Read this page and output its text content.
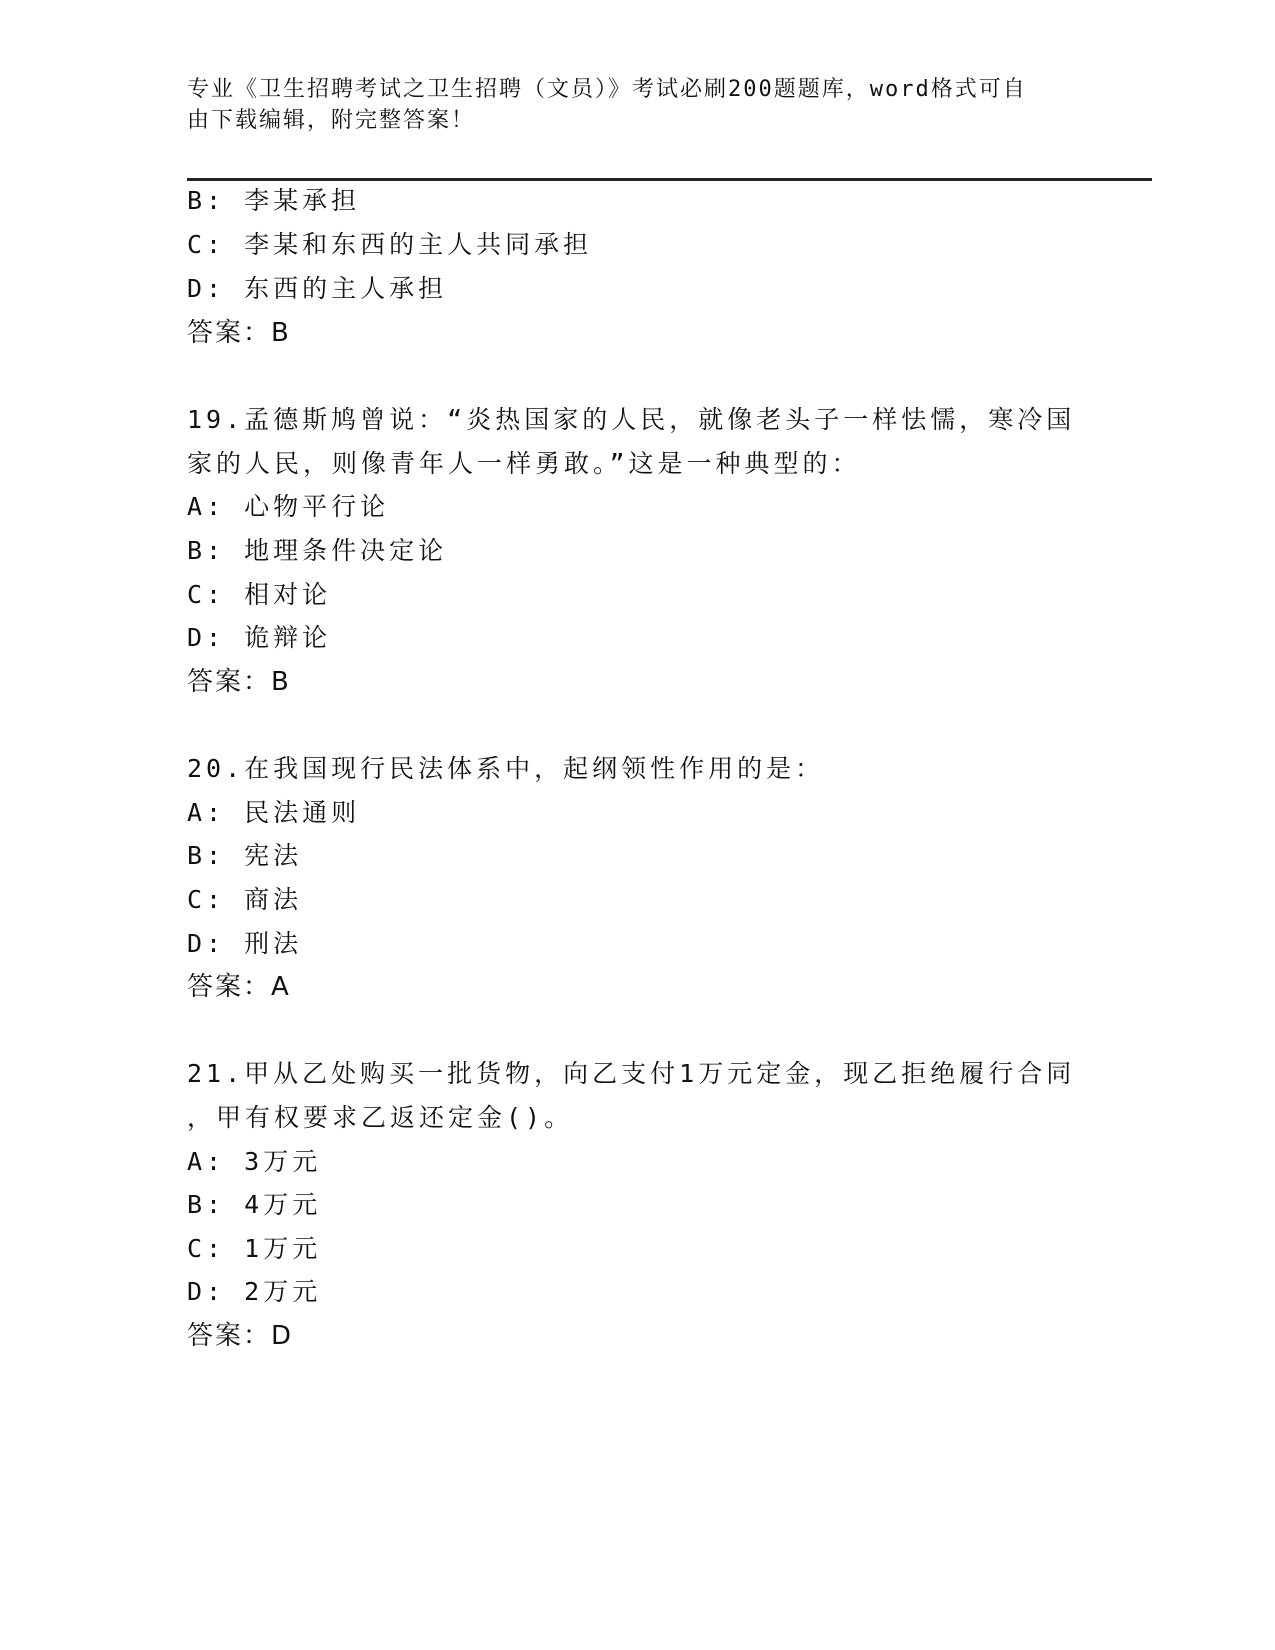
专业《卫生招聘考试之卫生招聘（文员）》考试必刷200题题库，word格式可自
由下载编辑，附完整答案！
B: 李某承担
C: 李某和东西的主人共同承担
D: 东西的主人承担
答案：B
19.孟德斯鸠曾说：“炎热国家的人民，就像老头子一样怯懦，寒冷国
家的人民，则像青年人一样勇敢。”这是一种典型的：
A: 心物平行论
B: 地理条件决定论
C: 相对论
D: 诡辩论
答案：B
20.在我国现行民法体系中，起纲领性作用的是：
A: 民法通则
B: 宪法
C: 商法
D: 刑法
答案：A
21.甲从乙处购买一批货物，向乙支付1万元定金，现乙拒绝履行合同
，甲有权要求乙返还定金()。
A: 3万元
B: 4万元
C: 1万元
D: 2万元
答案：D
